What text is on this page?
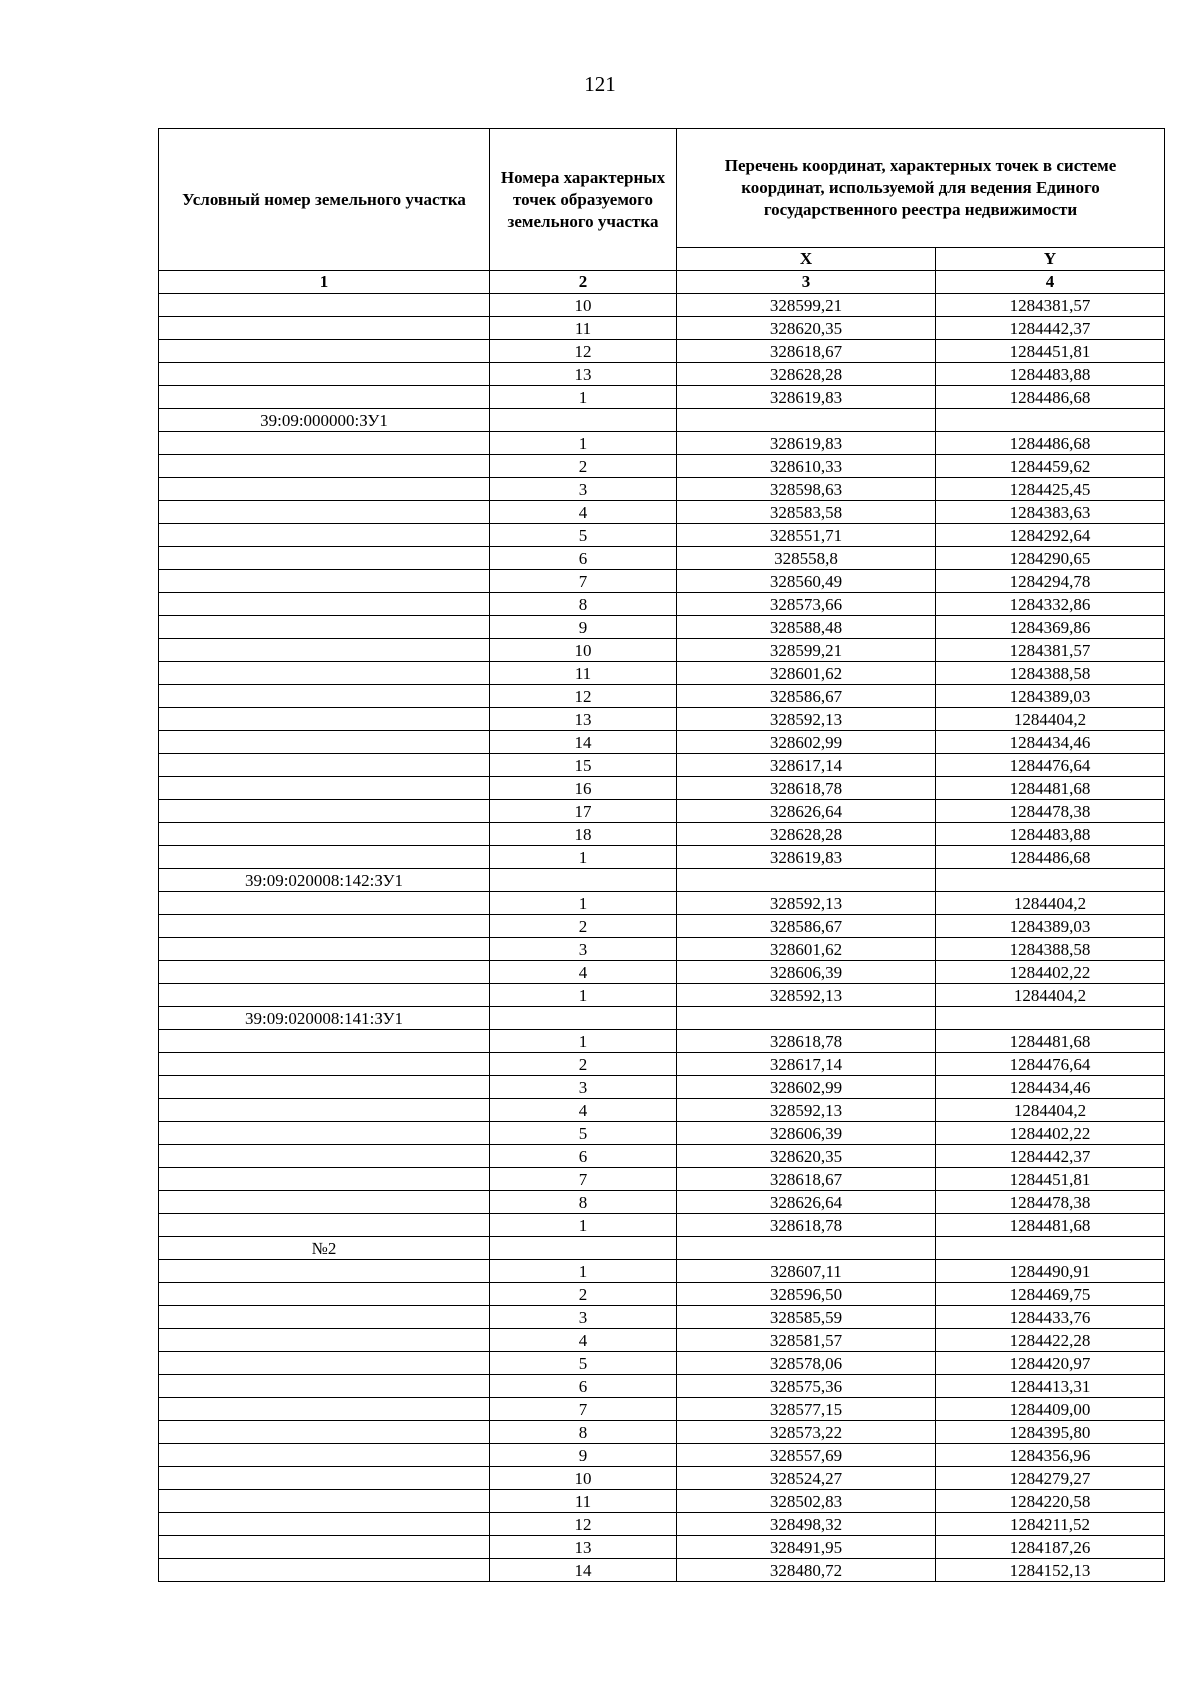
121
Условный номер земельного участка	Номера характерных точек образуемого земельного участка	Перечень координат, характерных точек в системе координат, используемой для ведения Единого государственного реестра недвижимости	
		X	Y
1	2	3	4
	10	328599,21	1284381,57
	11	328620,35	1284442,37
	12	328618,67	1284451,81
	13	328628,28	1284483,88
	1	328619,83	1284486,68
39:09:000000:ЗУ1			
	1	328619,83	1284486,68
	2	328610,33	1284459,62
	3	328598,63	1284425,45
	4	328583,58	1284383,63
	5	328551,71	1284292,64
	6	328558,8	1284290,65
	7	328560,49	1284294,78
	8	328573,66	1284332,86
	9	328588,48	1284369,86
	10	328599,21	1284381,57
	11	328601,62	1284388,58
	12	328586,67	1284389,03
	13	328592,13	1284404,2
	14	328602,99	1284434,46
	15	328617,14	1284476,64
	16	328618,78	1284481,68
	17	328626,64	1284478,38
	18	328628,28	1284483,88
	1	328619,83	1284486,68
39:09:020008:142:ЗУ1			
	1	328592,13	1284404,2
	2	328586,67	1284389,03
	3	328601,62	1284388,58
	4	328606,39	1284402,22
	1	328592,13	1284404,2
39:09:020008:141:ЗУ1			
	1	328618,78	1284481,68
	2	328617,14	1284476,64
	3	328602,99	1284434,46
	4	328592,13	1284404,2
	5	328606,39	1284402,22
	6	328620,35	1284442,37
	7	328618,67	1284451,81
	8	328626,64	1284478,38
	1	328618,78	1284481,68
№2			
	1	328607,11	1284490,91
	2	328596,50	1284469,75
	3	328585,59	1284433,76
	4	328581,57	1284422,28
	5	328578,06	1284420,97
	6	328575,36	1284413,31
	7	328577,15	1284409,00
	8	328573,22	1284395,80
	9	328557,69	1284356,96
	10	328524,27	1284279,27
	11	328502,83	1284220,58
	12	328498,32	1284211,52
	13	328491,95	1284187,26
	14	328480,72	1284152,13
